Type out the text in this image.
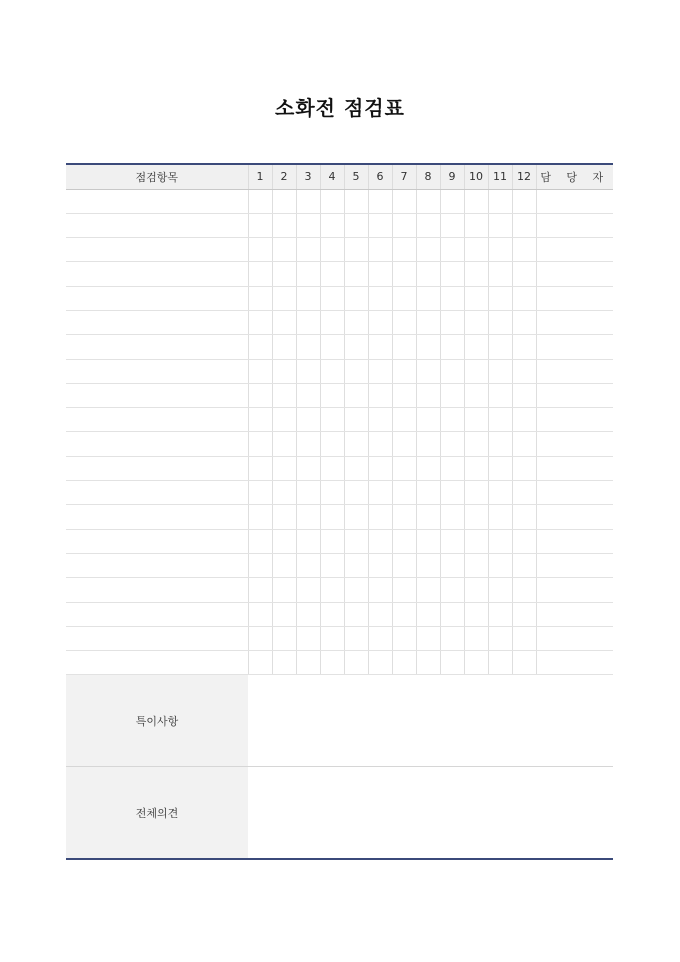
소화전 점검표
점검항목	1	2	3	4	5	6	7	8	9	10	11	12	담 당 자

특이사항													
전체의견													
